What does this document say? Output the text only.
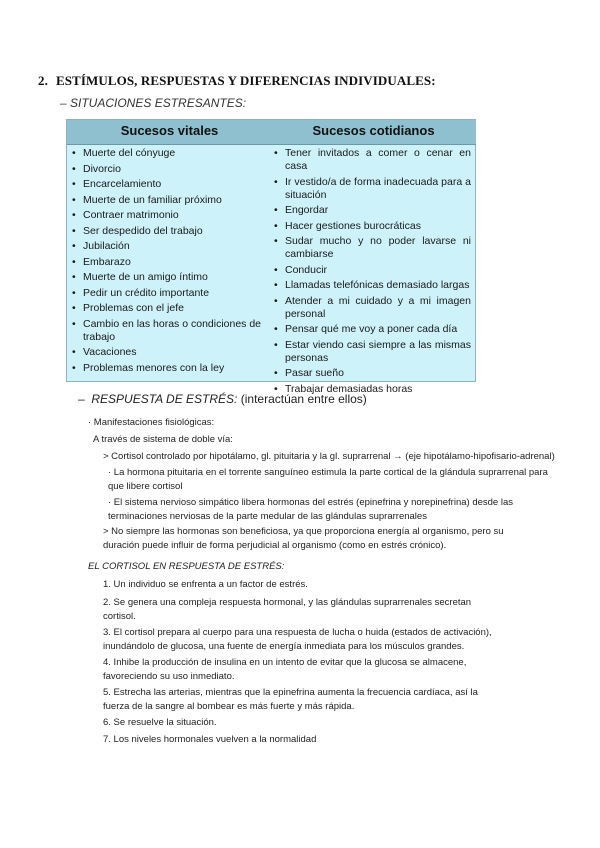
2. ESTÍMULOS, RESPUESTAS Y DIFERENCIAS INDIVIDUALES:
– SITUACIONES ESTRESANTES:
Sucesos vitales	Sucesos cotidianos
• Muerte del cónyuge
• Divorcio
• Encarcelamiento
• Muerte de un familiar próximo
• Contraer matrimonio
• Ser despedido del trabajo
• Jubilación
• Embarazo
• Muerte de un amigo íntimo
• Pedir un crédito importante
• Problemas con el jefe
• Cambio en las horas o condiciones de trabajo
• Vacaciones
• Problemas menores con la ley
• Tener invitados a comer o cenar en casa
• Ir vestido/a de forma inadecuada para a situación
• Engordar
• Hacer gestiones burocráticas
• Sudar mucho y no poder lavarse ni cambiarse
• Conducir
• Llamadas telefónicas demasiado largas
• Atender a mi cuidado y a mi imagen personal
• Pensar qué me voy a poner cada día
• Estar viendo casi siempre a las mismas personas
• Pasar sueño
• Trabajar demasiadas horas
– RESPUESTA DE ESTRÉS: (interactúan entre ellos)
· Manifestaciones fisiológicas:
A través de sistema de doble vía:
> Cortisol controlado por hipotálamo, gl. pituitaria y la gl. suprarrenal → (eje hipotálamo-hipofisario-adrenal)
· La hormona pituitaria en el torrente sanguíneo estimula la parte cortical de la glándula suprarrenal para
que libere cortisol
· El sistema nervioso simpático libera hormonas del estrés (epinefrina y norepinefrina) desde las
terminaciones nerviosas de la parte medular de las glándulas suprarrenales
> No siempre las hormonas son beneficiosa, ya que proporciona energía al organismo, pero su
duración puede influir de forma perjudicial al organismo (como en estrés crónico).
EL CORTISOL EN RESPUESTA DE ESTRÉS:
1. Un individuo se enfrenta a un factor de estrés.
2. Se genera una compleja respuesta hormonal, y las glándulas suprarrenales secretan
cortisol.
3. El cortisol prepara al cuerpo para una respuesta de lucha o huida (estados de activación),
inundándolo de glucosa, una fuente de energía inmediata para los músculos grandes.
4. Inhibe la producción de insulina en un intento de evitar que la glucosa se almacene,
favoreciendo su uso inmediato.
5. Estrecha las arterias, mientras que la epinefrina aumenta la frecuencia cardíaca, así la
fuerza de la sangre al bombear es más fuerte y más rápida.
6. Se resuelve la situación.
7. Los niveles hormonales vuelven a la normalidad
